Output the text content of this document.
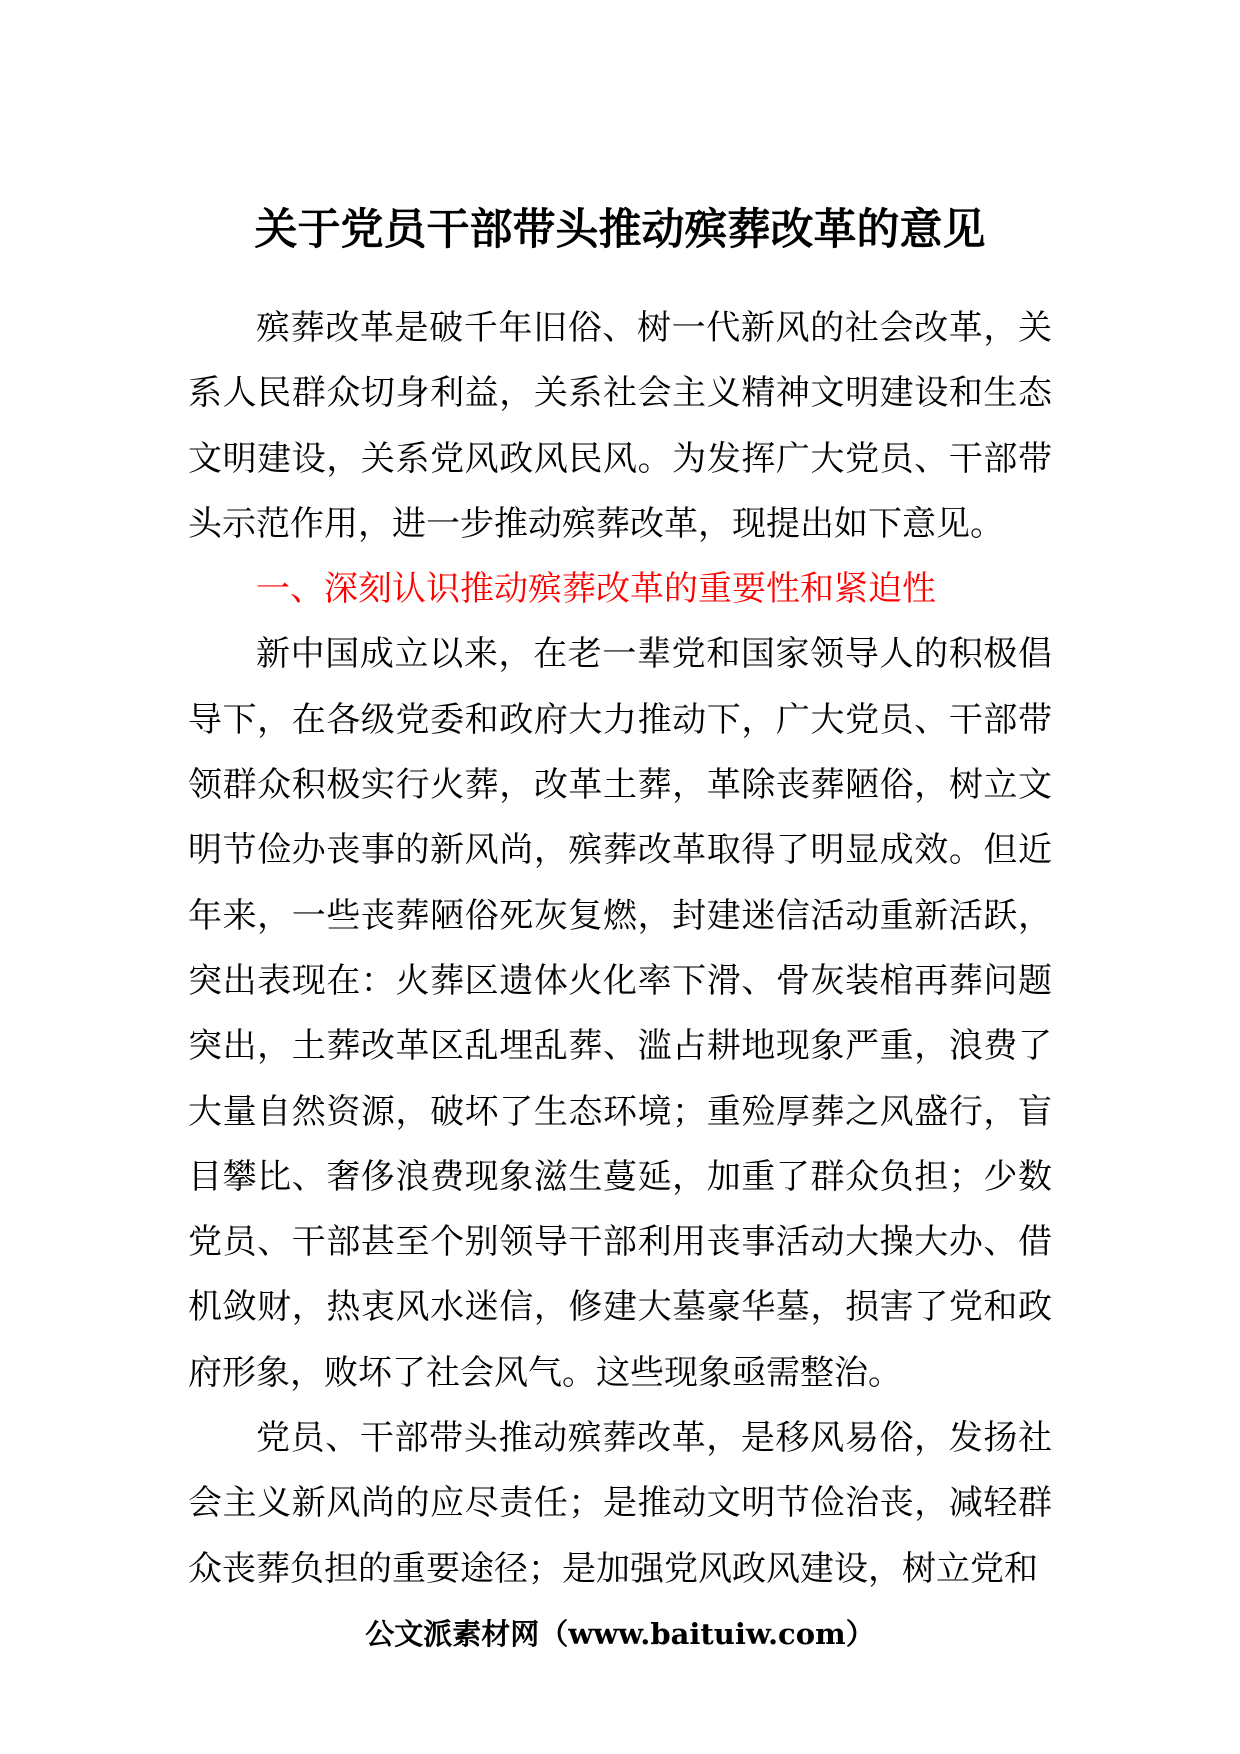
关于党员干部带头推动殡葬改革的意见

殡葬改革是破千年旧俗、树一代新风的社会改革，关系人民群众切身利益，关系社会主义精神文明建设和生态文明建设，关系党风政风民风。为发挥广大党员、干部带头示范作用，进一步推动殡葬改革，现提出如下意见。

一、深刻认识推动殡葬改革的重要性和紧迫性

新中国成立以来，在老一辈党和国家领导人的积极倡导下，在各级党委和政府大力推动下，广大党员、干部带领群众积极实行火葬，改革土葬，革除丧葬陋俗，树立文明节俭办丧事的新风尚，殡葬改革取得了明显成效。但近年来，一些丧葬陋俗死灰复燃，封建迷信活动重新活跃，突出表现在：火葬区遗体火化率下滑、骨灰装棺再葬问题突出，土葬改革区乱埋乱葬、滥占耕地现象严重，浪费了大量自然资源，破坏了生态环境；重殓厚葬之风盛行，盲目攀比、奢侈浪费现象滋生蔓延，加重了群众负担；少数党员、干部甚至个别领导干部利用丧事活动大操大办、借机敛财，热衷风水迷信，修建大墓豪华墓，损害了党和政府形象，败坏了社会风气。这些现象亟需整治。

党员、干部带头推动殡葬改革，是移风易俗，发扬社会主义新风尚的应尽责任；是推动文明节俭治丧，减轻群众丧葬负担的重要途径；是加强党风政风建设，树立党和

公文派素材网（www.baituiw.com）
